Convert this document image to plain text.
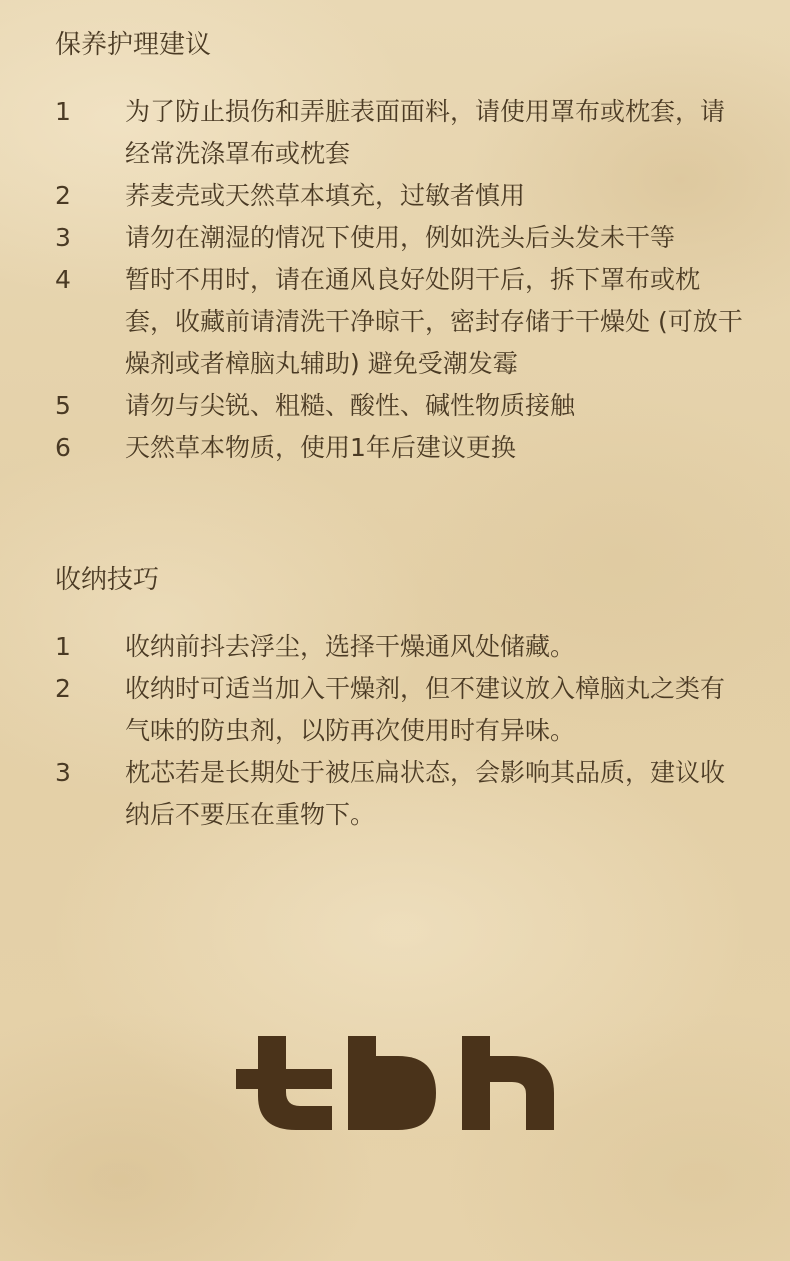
保养护理建议
1	为了防止损伤和弄脏表面面料，请使用罩布或枕套，请经常洗涤罩布或枕套
2	荞麦壳或天然草本填充，过敏者慎用
3	请勿在潮湿的情况下使用，例如洗头后头发未干等
4	暂时不用时，请在通风良好处阴干后，拆下罩布或枕套，收藏前请清洗干净晾干，密封存储于干燥处 (可放干燥剂或者樟脑丸辅助) 避免受潮发霉
5	请勿与尖锐、粗糙、酸性、碱性物质接触
6	天然草本物质，使用1年后建议更换
收纳技巧
1	收纳前抖去浮尘，选择干燥通风处储藏。
2	收纳时可适当加入干燥剂，但不建议放入樟脑丸之类有气味的防虫剂，以防再次使用时有异味。
3	枕芯若是长期处于被压扁状态，会影响其品质，建议收纳后不要压在重物下。
